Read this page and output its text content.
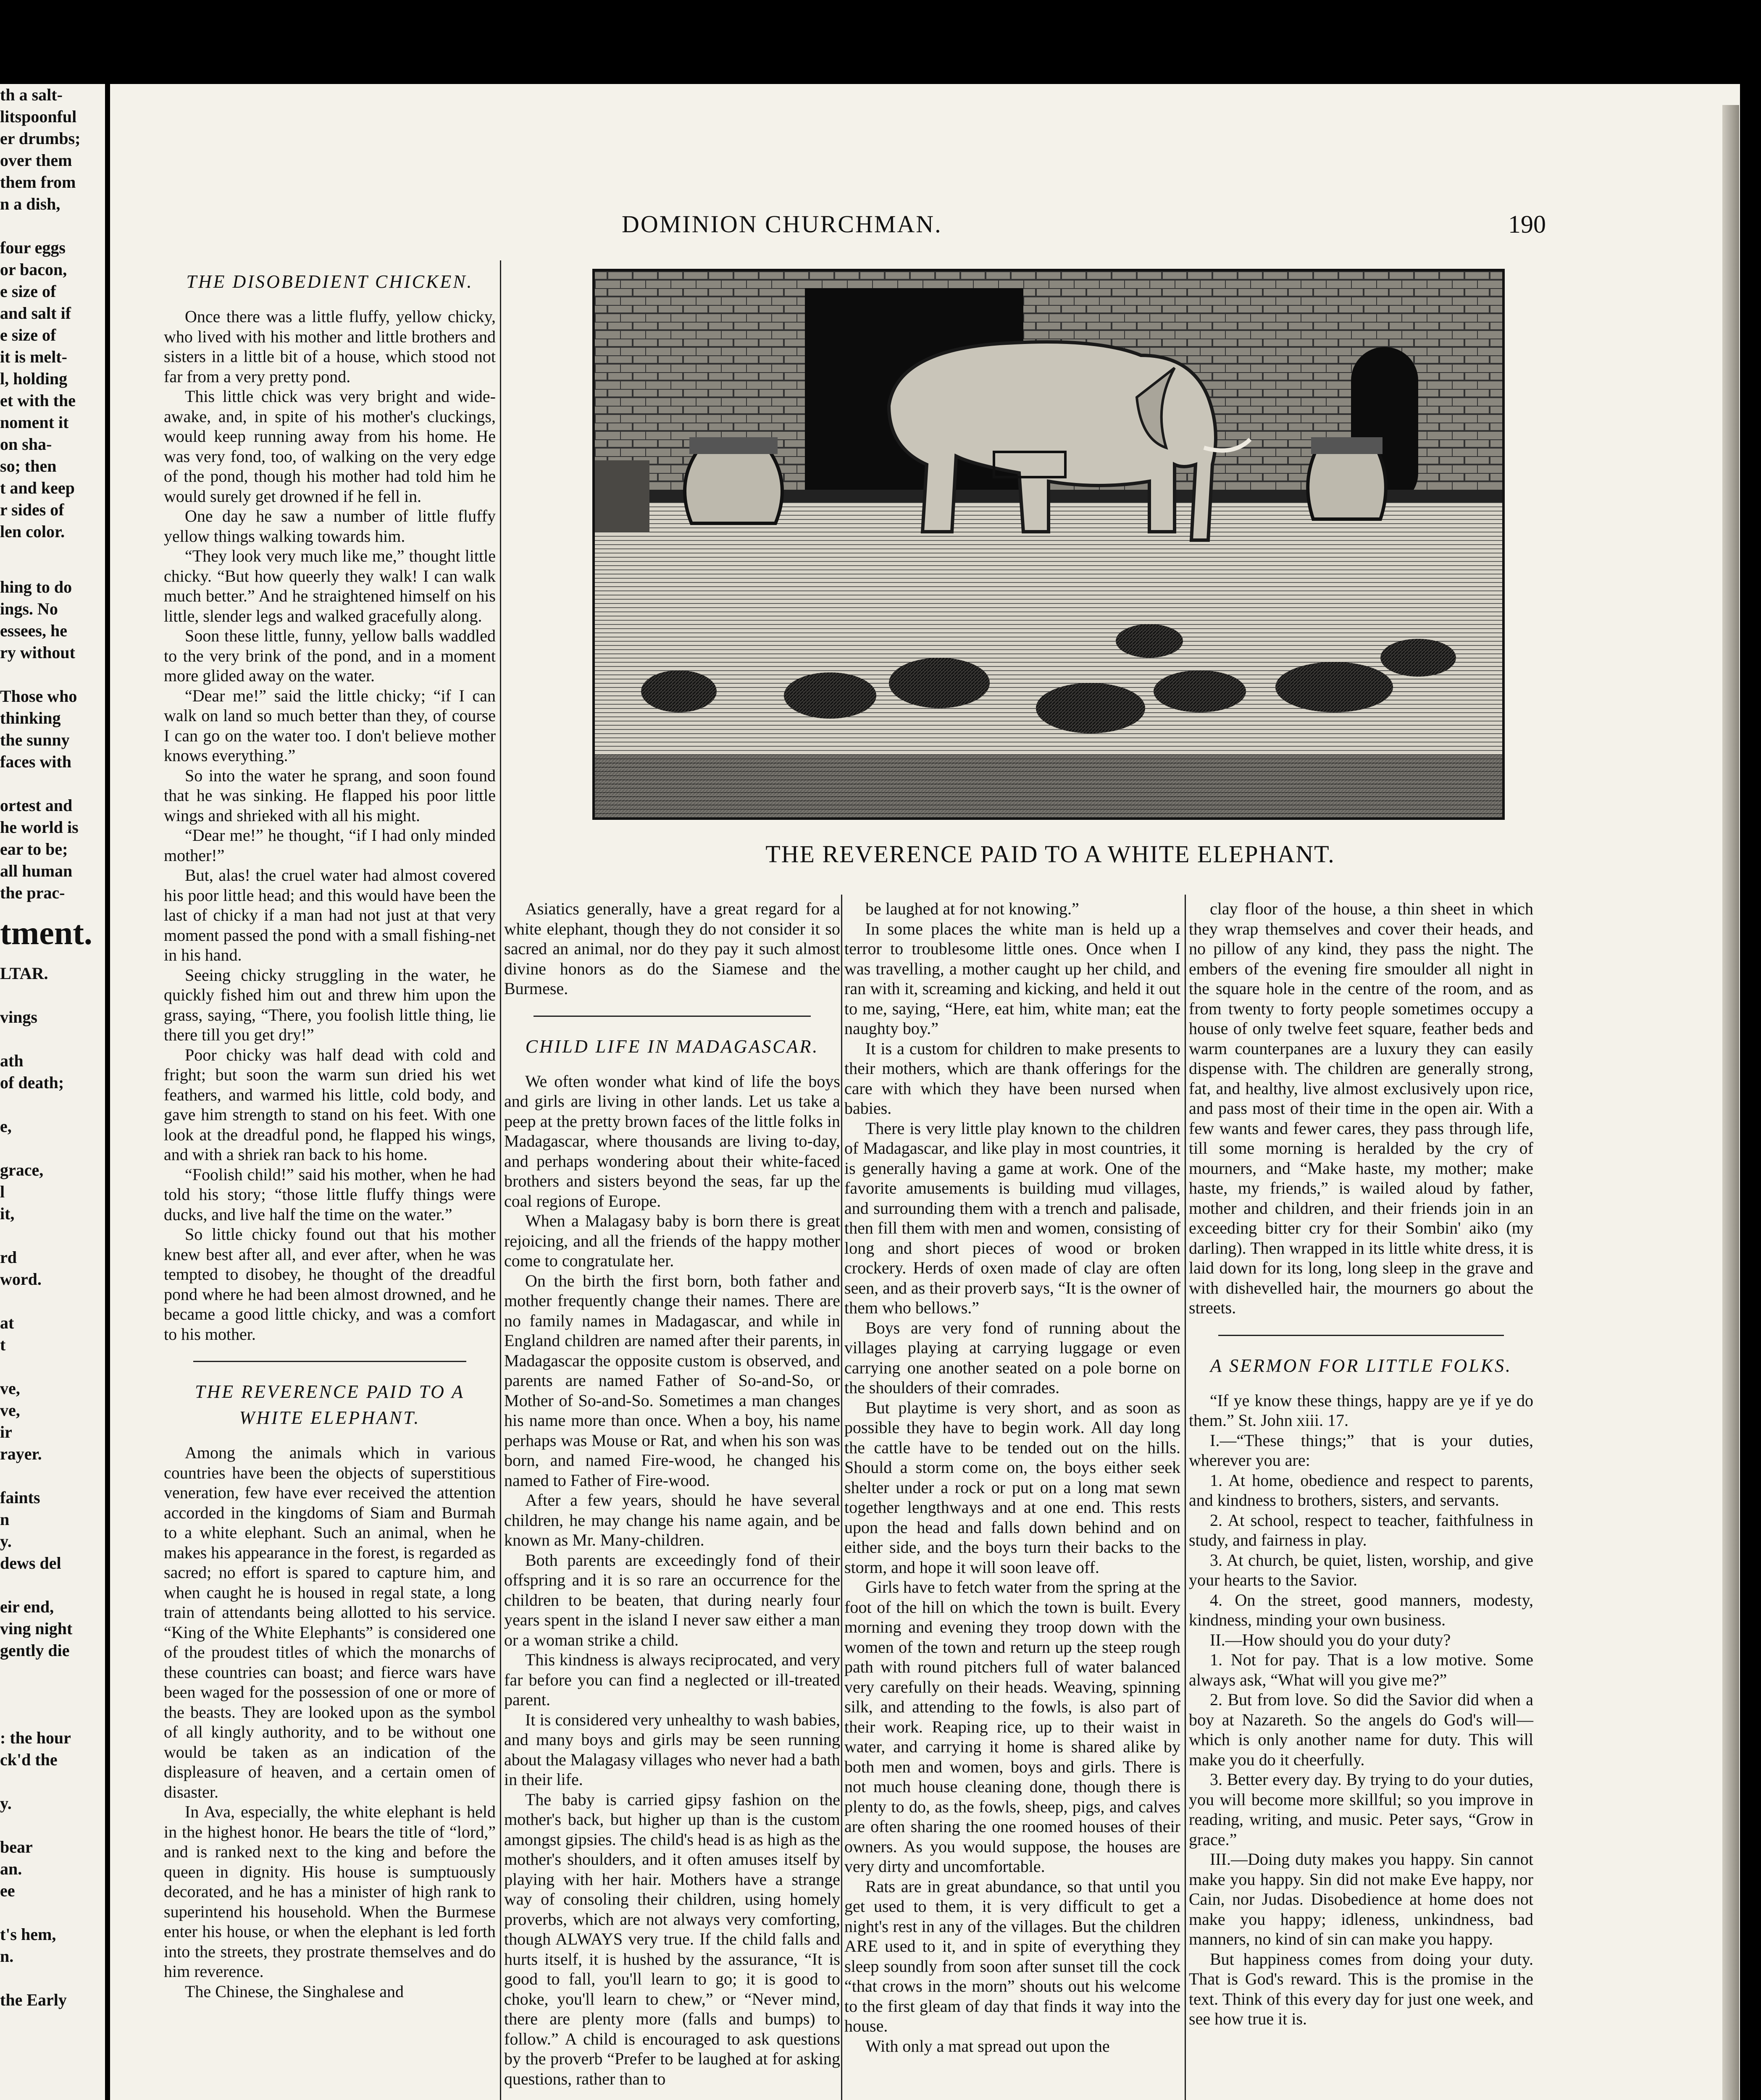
th a salt-
litspoonful
er drumbs;
over them
them from
n a dish,

four eggs
or bacon,
e size of
and salt if
e size of
it is melt-
l, holding
et with the
noment it
on sha-
so; then
t and keep
r sides of
len color.
hing to do
ings. No
essees, he
ry without

Those who
thinking
the sunny
faces with

ortest and
he world is
ear to be;
all human
the prac-
tment.
LTAR.

vings

ath
of death;

e,

grace,
l
it,

rd
word.

at
t

ve,
ve,
ir
rayer.

faints
n
y.
dews del

eir end,
ving night
gently die

: the hour
ck'd the

y.

bear
an.
ee

t's hem,
n.

the Early
DOMINION CHURCHMAN.	190
THE REVERENCE PAID TO A WHITE ELEPHANT.
THE DISOBEDIENT CHICKEN.

Once there was a little fluffy, yellow chicky, who lived with his mother and little brothers and sisters in a little bit of a house, which stood not far from a very pretty pond.

This little chick was very bright and wide-awake, and, in spite of his mother's cluckings, would keep running away from his home. He was very fond, too, of walking on the very edge of the pond, though his mother had told him he would surely get drowned if he fell in.

One day he saw a number of little fluffy yellow things walking towards him.

“They look very much like me,” thought little chicky. “But how queerly they walk! I can walk much better.” And he straightened himself on his little, slender legs and walked gracefully along.

Soon these little, funny, yellow balls waddled to the very brink of the pond, and in a moment more glided away on the water.

“Dear me!” said the little chicky; “if I can walk on land so much better than they, of course I can go on the water too. I don't believe mother knows everything.”

So into the water he sprang, and soon found that he was sinking. He flapped his poor little wings and shrieked with all his might.

“Dear me!” he thought, “if I had only minded mother!”

But, alas! the cruel water had almost covered his poor little head; and this would have been the last of chicky if a man had not just at that very moment passed the pond with a small fishing-net in his hand.

Seeing chicky struggling in the water, he quickly fished him out and threw him upon the grass, saying, “There, you foolish little thing, lie there till you get dry!”

Poor chicky was half dead with cold and fright; but soon the warm sun dried his wet feathers, and warmed his little, cold body, and gave him strength to stand on his feet. With one look at the dreadful pond, he flapped his wings, and with a shriek ran back to his home.

“Foolish child!” said his mother, when he had told his story; “those little fluffy things were ducks, and live half the time on the water.”

So little chicky found out that his mother knew best after all, and ever after, when he was tempted to disobey, he thought of the dreadful pond where he had been almost drowned, and he became a good little chicky, and was a comfort to his mother.

THE REVERENCE PAID TO A WHITE ELEPHANT.

Among the animals which in various countries have been the objects of superstitious veneration, few have ever received the attention accorded in the kingdoms of Siam and Burmah to a white elephant. Such an animal, when he makes his appearance in the forest, is regarded as sacred; no effort is spared to capture him, and when caught he is housed in regal state, a long train of attendants being allotted to his service. “King of the White Elephants” is considered one of the proudest titles of which the monarchs of these countries can boast; and fierce wars have been waged for the possession of one or more of the beasts. They are looked upon as the symbol of all kingly authority, and to be without one would be taken as an indication of the displeasure of heaven, and a certain omen of disaster.

In Ava, especially, the white elephant is held in the highest honor. He bears the title of “lord,” and is ranked next to the king and before the queen in dignity. His house is sumptuously decorated, and he has a minister of high rank to superintend his household. When the Burmese enter his house, or when the elephant is led forth into the streets, they prostrate themselves and do him reverence.

The Chinese, the Singhalese and

Asiatics generally, have a great regard for a white elephant, though they do not consider it so sacred an animal, nor do they pay it such almost divine honors as do the Siamese and the Burmese.

CHILD LIFE IN MADAGASCAR.

We often wonder what kind of life the boys and girls are living in other lands. Let us take a peep at the pretty brown faces of the little folks in Madagascar, where thousands are living to-day, and perhaps wondering about their white-faced brothers and sisters beyond the seas, far up the coal regions of Europe.

When a Malagasy baby is born there is great rejoicing, and all the friends of the happy mother come to congratulate her.

On the birth the first born, both father and mother frequently change their names. There are no family names in Madagascar, and while in England children are named after their parents, in Madagascar the opposite custom is observed, and parents are named Father of So-and-So, or Mother of So-and-So. Sometimes a man changes his name more than once. When a boy, his name perhaps was Mouse or Rat, and when his son was born, and named Fire-wood, he changed his named to Father of Fire-wood.

After a few years, should he have several children, he may change his name again, and be known as Mr. Many-children.

Both parents are exceedingly fond of their offspring and it is so rare an occurrence for the children to be beaten, that during nearly four years spent in the island I never saw either a man or a woman strike a child.

This kindness is always reciprocated, and very far before you can find a neglected or ill-treated parent.

It is considered very unhealthy to wash babies, and many boys and girls may be seen running about the Malagasy villages who never had a bath in their life.

The baby is carried gipsy fashion on the mother's back, but higher up than is the custom amongst gipsies. The child's head is as high as the mother's shoulders, and it often amuses itself by playing with her hair. Mothers have a strange way of consoling their children, using homely proverbs, which are not always very comforting, though ALWAYS very true. If the child falls and hurts itself, it is hushed by the assurance, “It is good to fall, you'll learn to go; it is good to choke, you'll learn to chew,” or “Never mind, there are plenty more (falls and bumps) to follow.” A child is encouraged to ask questions by the proverb “Prefer to be laughed at for asking questions, rather than to

be laughed at for not knowing.”

In some places the white man is held up a terror to troublesome little ones. Once when I was travelling, a mother caught up her child, and ran with it, screaming and kicking, and held it out to me, saying, “Here, eat him, white man; eat the naughty boy.”

It is a custom for children to make presents to their mothers, which are thank offerings for the care with which they have been nursed when babies.

There is very little play known to the children of Madagascar, and like play in most countries, it is generally having a game at work. One of the favorite amusements is building mud villages, and surrounding them with a trench and palisade, then fill them with men and women, consisting of long and short pieces of wood or broken crockery. Herds of oxen made of clay are often seen, and as their proverb says, “It is the owner of them who bellows.”

Boys are very fond of running about the villages playing at carrying luggage or even carrying one another seated on a pole borne on the shoulders of their comrades.

But playtime is very short, and as soon as possible they have to begin work. All day long the cattle have to be tended out on the hills. Should a storm come on, the boys either seek shelter under a rock or put on a long mat sewn together lengthways and at one end. This rests upon the head and falls down behind and on either side, and the boys turn their backs to the storm, and hope it will soon leave off.

Girls have to fetch water from the spring at the foot of the hill on which the town is built. Every morning and evening they troop down with the women of the town and return up the steep rough path with round pitchers full of water balanced very carefully on their heads. Weaving, spinning silk, and attending to the fowls, is also part of their work. Reaping rice, up to their waist in water, and carrying it home is shared alike by both men and women, boys and girls. There is not much house cleaning done, though there is plenty to do, as the fowls, sheep, pigs, and calves are often sharing the one roomed houses of their owners. As you would suppose, the houses are very dirty and uncomfortable.

Rats are in great abundance, so that until you get used to them, it is very difficult to get a night's rest in any of the villages. But the children ARE used to it, and in spite of everything they sleep soundly from soon after sunset till the cock “that crows in the morn” shouts out his welcome to the first gleam of day that finds it way into the house.

With only a mat spread out upon the

clay floor of the house, a thin sheet in which they wrap themselves and cover their heads, and no pillow of any kind, they pass the night. The embers of the evening fire smoulder all night in the square hole in the centre of the room, and as from twenty to forty people sometimes occupy a house of only twelve feet square, feather beds and warm counterpanes are a luxury they can easily dispense with. The children are generally strong, fat, and healthy, live almost exclusively upon rice, and pass most of their time in the open air. With a few wants and fewer cares, they pass through life, till some morning is heralded by the cry of mourners, and “Make haste, my mother; make haste, my friends,” is wailed aloud by father, mother and children, and their friends join in an exceeding bitter cry for their Sombin' aiko (my darling). Then wrapped in its little white dress, it is laid down for its long, long sleep in the grave and with dishevelled hair, the mourners go about the streets.

A SERMON FOR LITTLE FOLKS.

“If ye know these things, happy are ye if ye do them.” St. John xiii. 17.

I.—“These things;” that is your duties, wherever you are:

1. At home, obedience and respect to parents, and kindness to brothers, sisters, and servants.

2. At school, respect to teacher, faithfulness in study, and fairness in play.

3. At church, be quiet, listen, worship, and give your hearts to the Savior.

4. On the street, good manners, modesty, kindness, minding your own business.

II.—How should you do your duty?

1. Not for pay. That is a low motive. Some always ask, “What will you give me?”

2. But from love. So did the Savior did when a boy at Nazareth. So the angels do God's will—which is only another name for duty. This will make you do it cheerfully.

3. Better every day. By trying to do your duties, you will become more skillful; so you improve in reading, writing, and music. Peter says, “Grow in grace.”

III.—Doing duty makes you happy. Sin cannot make you happy. Sin did not make Eve happy, nor Cain, nor Judas. Disobedience at home does not make you happy; idleness, unkindness, bad manners, no kind of sin can make you happy.

But happiness comes from doing your duty. That is God's reward. This is the promise in the text. Think of this every day for just one week, and see how true it is.
